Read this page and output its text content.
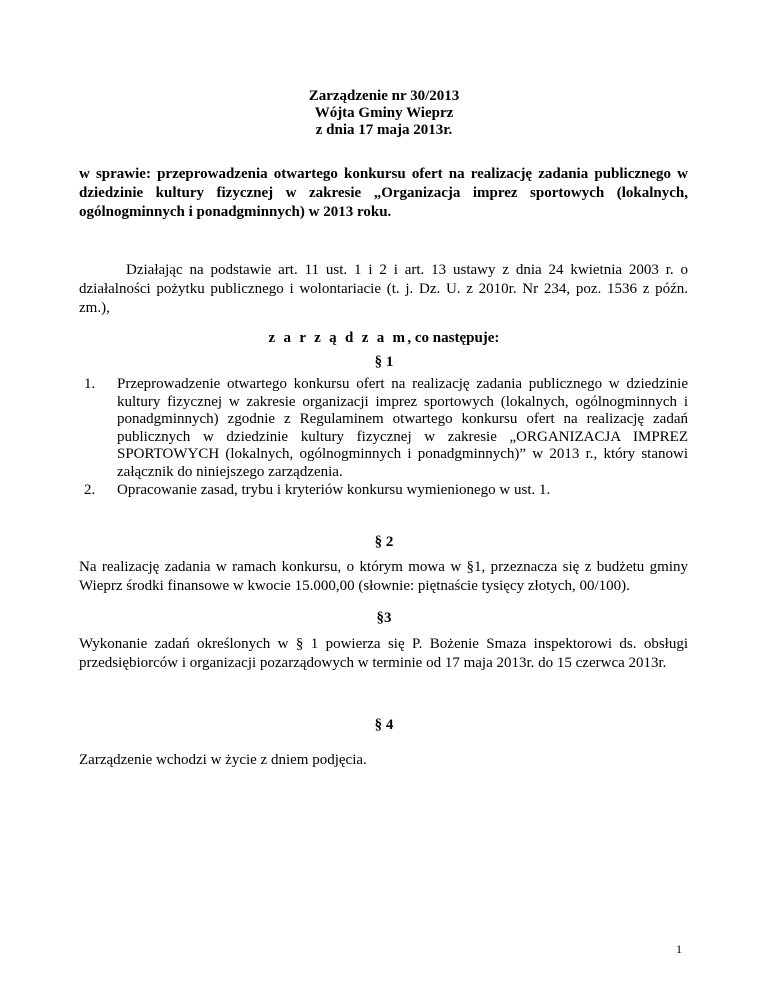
Zarządzenie nr 30/2013
Wójta Gminy Wieprz
z dnia 17 maja 2013r.
w sprawie: przeprowadzenia otwartego konkursu ofert na realizację zadania publicznego w dziedzinie kultury fizycznej w zakresie „Organizacja imprez sportowych (lokalnych, ogólnogminnych i ponadgminnych) w 2013 roku.
Działając na podstawie art. 11 ust. 1 i 2 i art. 13 ustawy z dnia 24 kwietnia 2003 r. o działalności pożytku publicznego i wolontariacie (t. j. Dz. U. z 2010r. Nr 234, poz. 1536 z późn. zm.),
z a r z ą d z a m, co następuje:
§ 1
1. Przeprowadzenie otwartego konkursu ofert na realizację zadania publicznego w dziedzinie kultury fizycznej w zakresie organizacji imprez sportowych (lokalnych, ogólnogminnych i ponadgminnych) zgodnie z Regulaminem otwartego konkursu ofert na realizację zadań publicznych w dziedzinie kultury fizycznej w zakresie „ORGANIZACJA IMPREZ SPORTOWYCH (lokalnych, ogólnogminnych i ponadgminnych)” w 2013 r., który stanowi załącznik do niniejszego zarządzenia.
2. Opracowanie zasad, trybu i kryteriów konkursu wymienionego w ust. 1.
§ 2
Na realizację zadania w ramach konkursu, o którym mowa w §1, przeznacza się z budżetu gminy Wieprz środki finansowe w kwocie 15.000,00 (słownie: piętnaście tysięcy złotych, 00/100).
§3
Wykonanie zadań określonych w § 1 powierza się P. Bożenie Smaza inspektorowi ds. obsługi przedsiębiorców i organizacji pozarządowych w terminie od 17 maja 2013r. do 15 czerwca 2013r.
§ 4
Zarządzenie wchodzi w życie z dniem podjęcia.
1
